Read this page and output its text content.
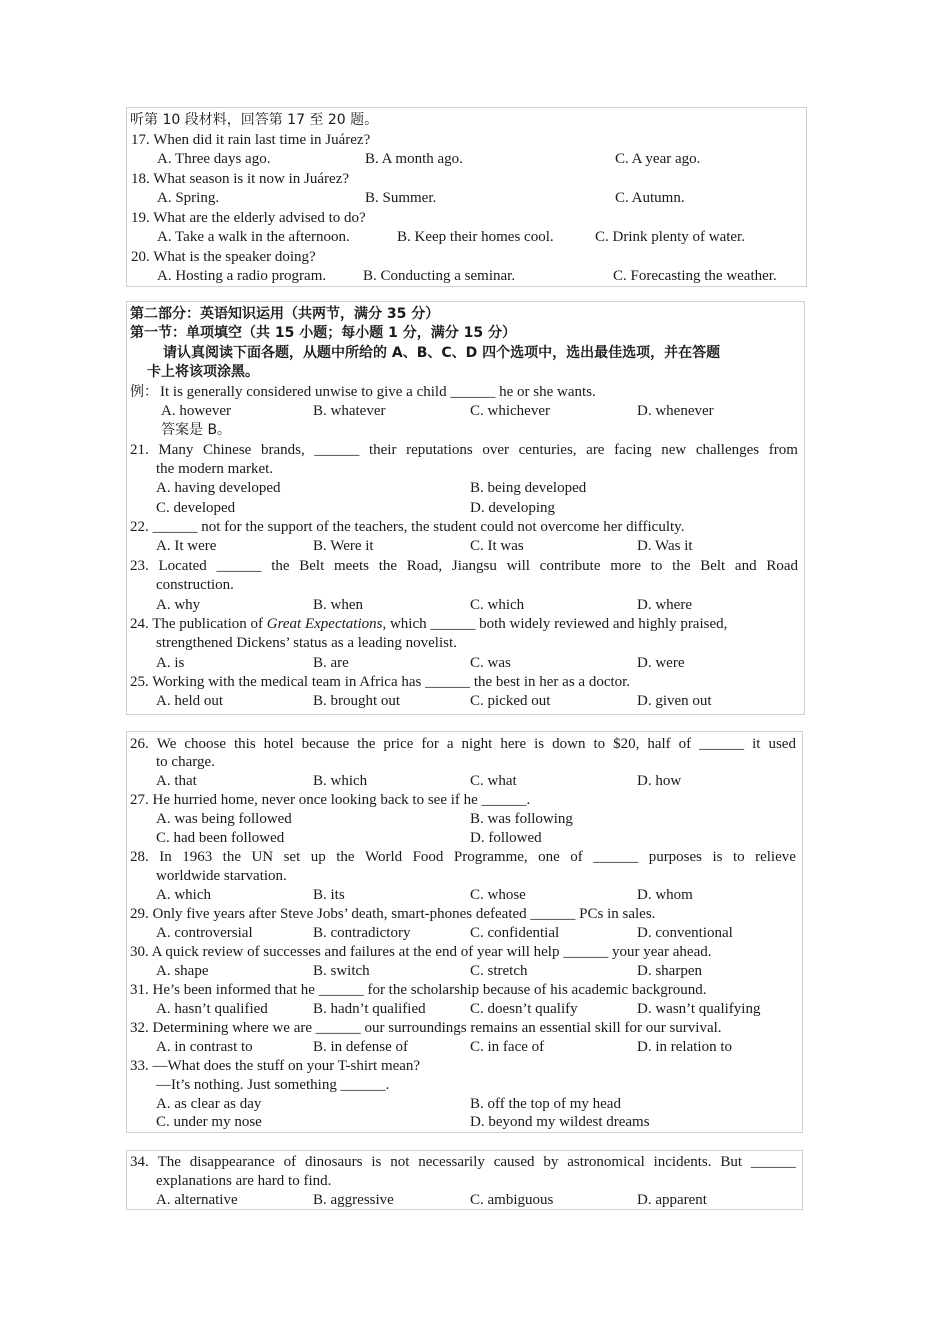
听第 10 段材料，回答第 17 至 20 题。
17. When did it rain last time in Juárez?
A. Three days ago.	B. A month ago.	C. A year ago.
18. What season is it now in Juárez?
A. Spring.	B. Summer.	C. Autumn.
19. What are the elderly advised to do?
A. Take a walk in the afternoon.	B. Keep their homes cool.	C. Drink plenty of water.
20. What is the speaker doing?
A. Hosting a radio program. B. Conducting a seminar.	C. Forecasting the weather.
第二部分：英语知识运用（共两节，满分 35 分）
第一节：单项填空（共 15 小题；每小题 1 分，满分 15 分）
请认真阅读下面各题，从题中所给的 A、B、C、D 四个选项中，选出最佳选项，并在答题
卡上将该项涂黑。
例： It is generally considered unwise to give a child ______ he or she wants.
A. however	B. whatever	C. whichever	D. whenever
答案是 B。
21. Many Chinese brands, ______ their reputations over centuries, are facing new challenges from
the modern market.
A. having developed	B. being developed
C. developed	D. developing
22. ______ not for the support of the teachers, the student could not overcome her difficulty.
A. It were	B. Were it	C. It was	D. Was it
23. Located ______ the Belt meets the Road, Jiangsu will contribute more to the Belt and Road
construction.
A. why	B. when	C. which	D. where
24. The publication of Great Expectations, which ______ both widely reviewed and highly praised,
strengthened Dickens’ status as a leading novelist.
A. is	B. are	C. was	D. were
25. Working with the medical team in Africa has ______ the best in her as a doctor.
A. held out	B. brought out	C. picked out	D. given out
26. We choose this hotel because the price for a night here is down to $20, half of ______ it used
to charge.
A. that	B. which	C. what	D. how
27. He hurried home, never once looking back to see if he ______.
A. was being followed	B. was following
C. had been followed	D. followed
28. In 1963 the UN set up the World Food Programme, one of ______ purposes is to relieve
worldwide starvation.
A. which	B. its	C. whose	D. whom
29. Only five years after Steve Jobs’ death, smart-phones defeated ______ PCs in sales.
A. controversial	B. contradictory	C. confidential	D. conventional
30. A quick review of successes and failures at the end of year will help ______ your year ahead.
A. shape	B. switch	C. stretch	D. sharpen
31. He’s been informed that he ______ for the scholarship because of his academic background.
A. hasn’t qualified	B. hadn’t qualified	C. doesn’t qualify	D. wasn’t qualifying
32. Determining where we are ______ our surroundings remains an essential skill for our survival.
A. in contrast to	B. in defense of	C. in face of	D. in relation to
33. —What does the stuff on your T-shirt mean?
—It’s nothing. Just something ______.
A. as clear as day	B. off the top of my head
C. under my nose	D. beyond my wildest dreams
34. The disappearance of dinosaurs is not necessarily caused by astronomical incidents. But ______
explanations are hard to find.
A. alternative	B. aggressive	C. ambiguous	D. apparent
